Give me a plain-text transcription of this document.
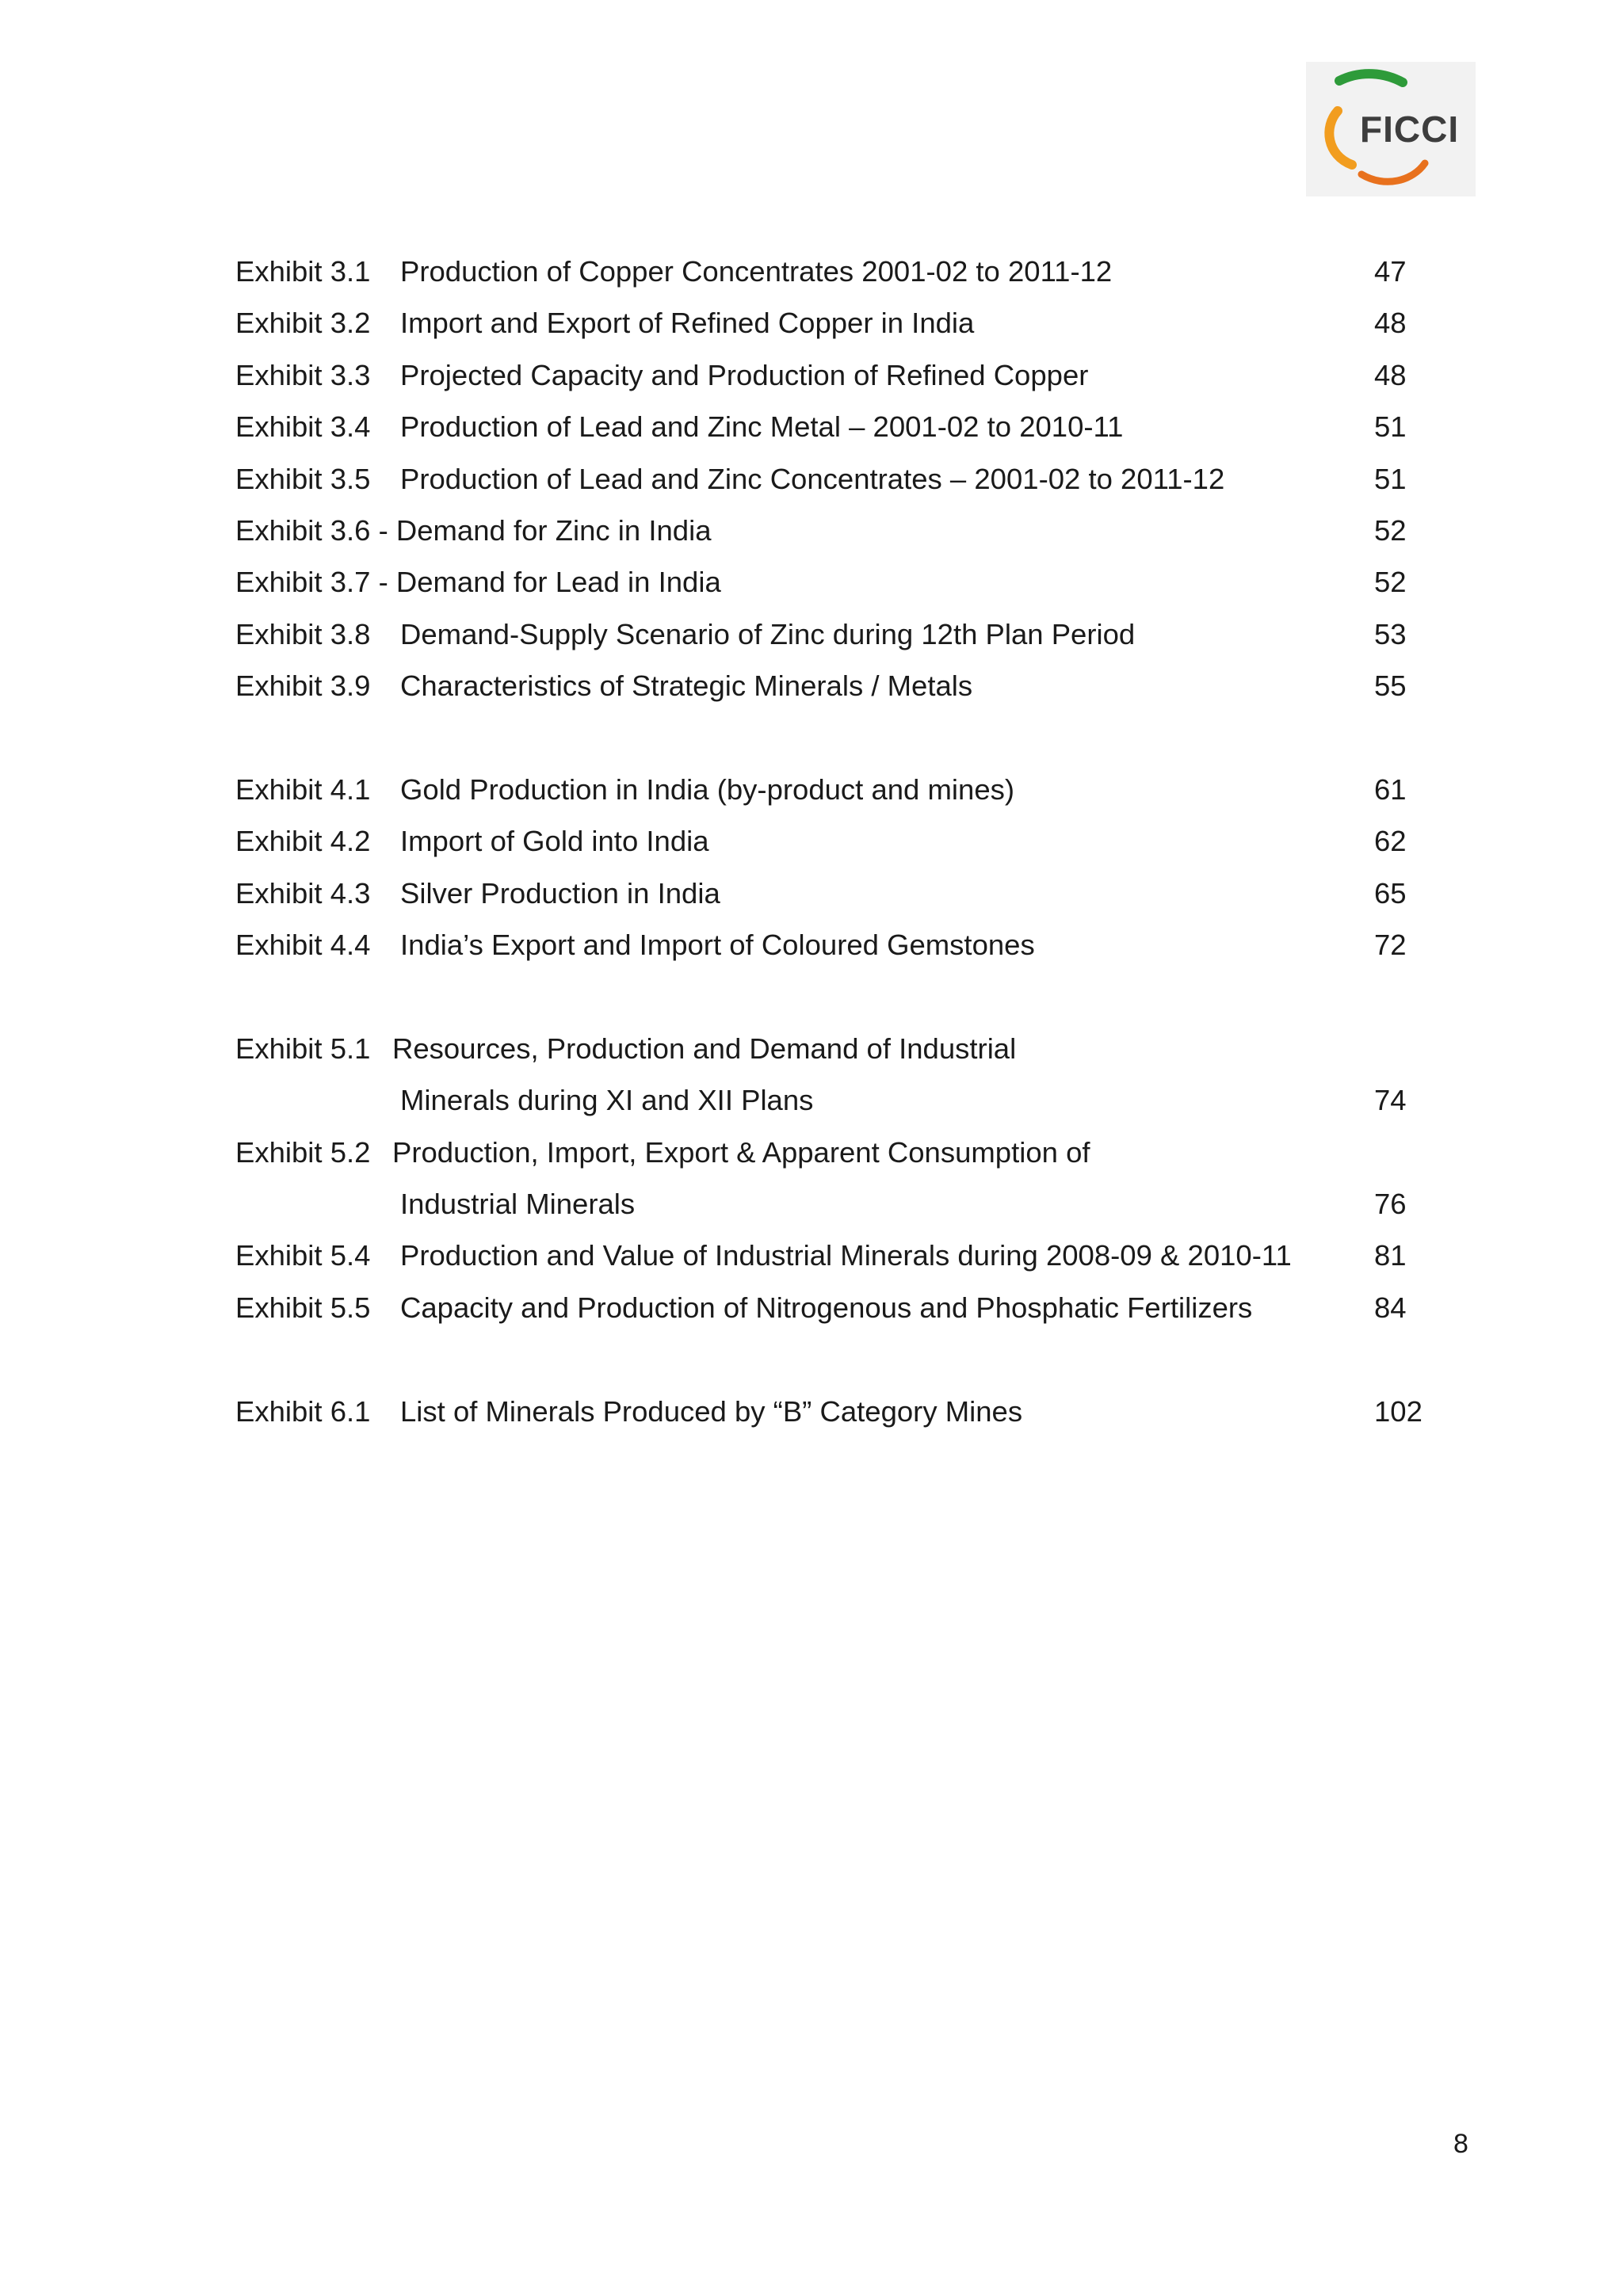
FICCI
Exhibit 3.1 Production of Copper Concentrates 2001-02 to 2011-12	47
Exhibit 3.2 Import and Export of Refined Copper in India	48
Exhibit 3.3 Projected Capacity and Production of Refined Copper	48
Exhibit 3.4 Production of Lead and Zinc Metal – 2001-02 to 2010-11	51
Exhibit 3.5 Production of Lead and Zinc Concentrates – 2001-02 to 2011-12	51
Exhibit 3.6 - Demand for Zinc in India	52
Exhibit 3.7 - Demand for Lead in India	52
Exhibit 3.8 Demand-Supply Scenario of Zinc during 12th Plan Period	53
Exhibit 3.9 Characteristics of Strategic Minerals / Metals	55
Exhibit 4.1 Gold Production in India (by-product and mines)	61
Exhibit 4.2 Import of Gold into India	62
Exhibit 4.3 Silver Production in India	65
Exhibit 4.4 India’s Export and Import of Coloured Gemstones	72
Exhibit 5.1 Resources, Production and Demand of Industrial
Minerals during XI and XII Plans	74
Exhibit 5.2 Production, Import, Export & Apparent Consumption of
Industrial Minerals	76
Exhibit 5.4 Production and Value of Industrial Minerals during 2008-09 & 2010-11	81
Exhibit 5.5 Capacity and Production of Nitrogenous and Phosphatic Fertilizers	84
Exhibit 6.1 List of Minerals Produced by “B” Category Mines	102
8
